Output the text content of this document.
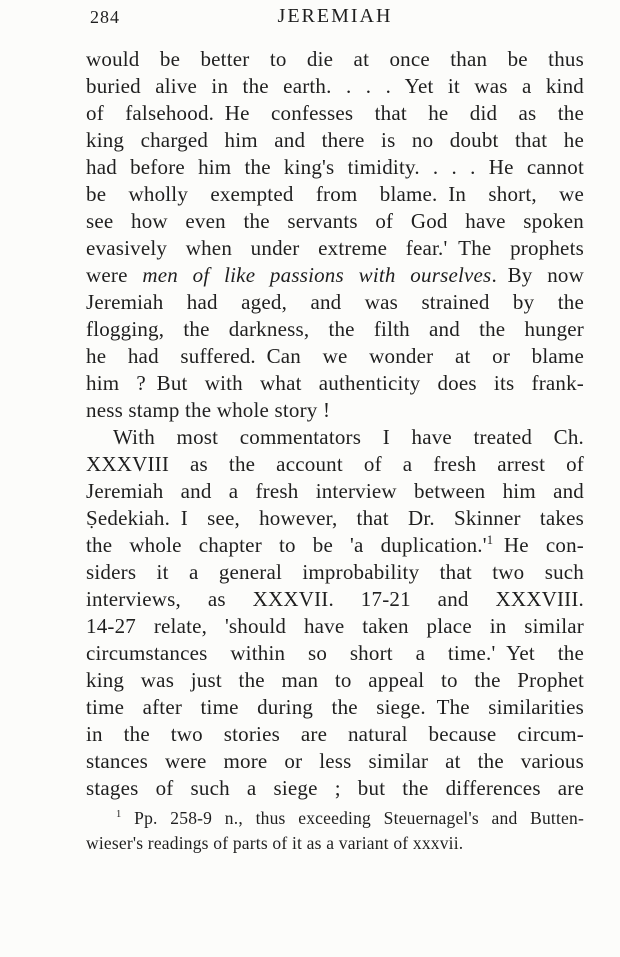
284	JEREMIAH
would be better to die at once than be thus
buried alive in the earth. . . . Yet it was a kind
of falsehood. He confesses that he did as the
king charged him and there is no doubt that he
had before him the king's timidity. . . . He cannot
be wholly exempted from blame. In short, we
see how even the servants of God have spoken
evasively when under extreme fear.' The prophets
were men of like passions with ourselves. By now
Jeremiah had aged, and was strained by the
flogging, the darkness, the filth and the hunger
he had suffered. Can we wonder at or blame
him ? But with what authenticity does its frank-
ness stamp the whole story !
With most commentators I have treated Ch.
XXXVIII as the account of a fresh arrest of
Jeremiah and a fresh interview between him and
Ṣedekiah. I see, however, that Dr. Skinner takes
the whole chapter to be 'a $duplication.'^1$ He con-
siders it a general improbability that two such
interviews, as XXXVII. 17-21 and XXXVIII.
14-27 relate, 'should have taken place in similar
circumstances within so short a time.' Yet the
king was just the man to appeal to the Prophet
time after time during the siege. The similarities
in the two stories are natural because circum-
stances were more or less similar at the various
stages of such a siege ; but the differences are
$^1$ Pp. 258-9 n., thus exceeding Steuernagel's and Butten-
wieser's readings of parts of it as a variant of xxxvii.
